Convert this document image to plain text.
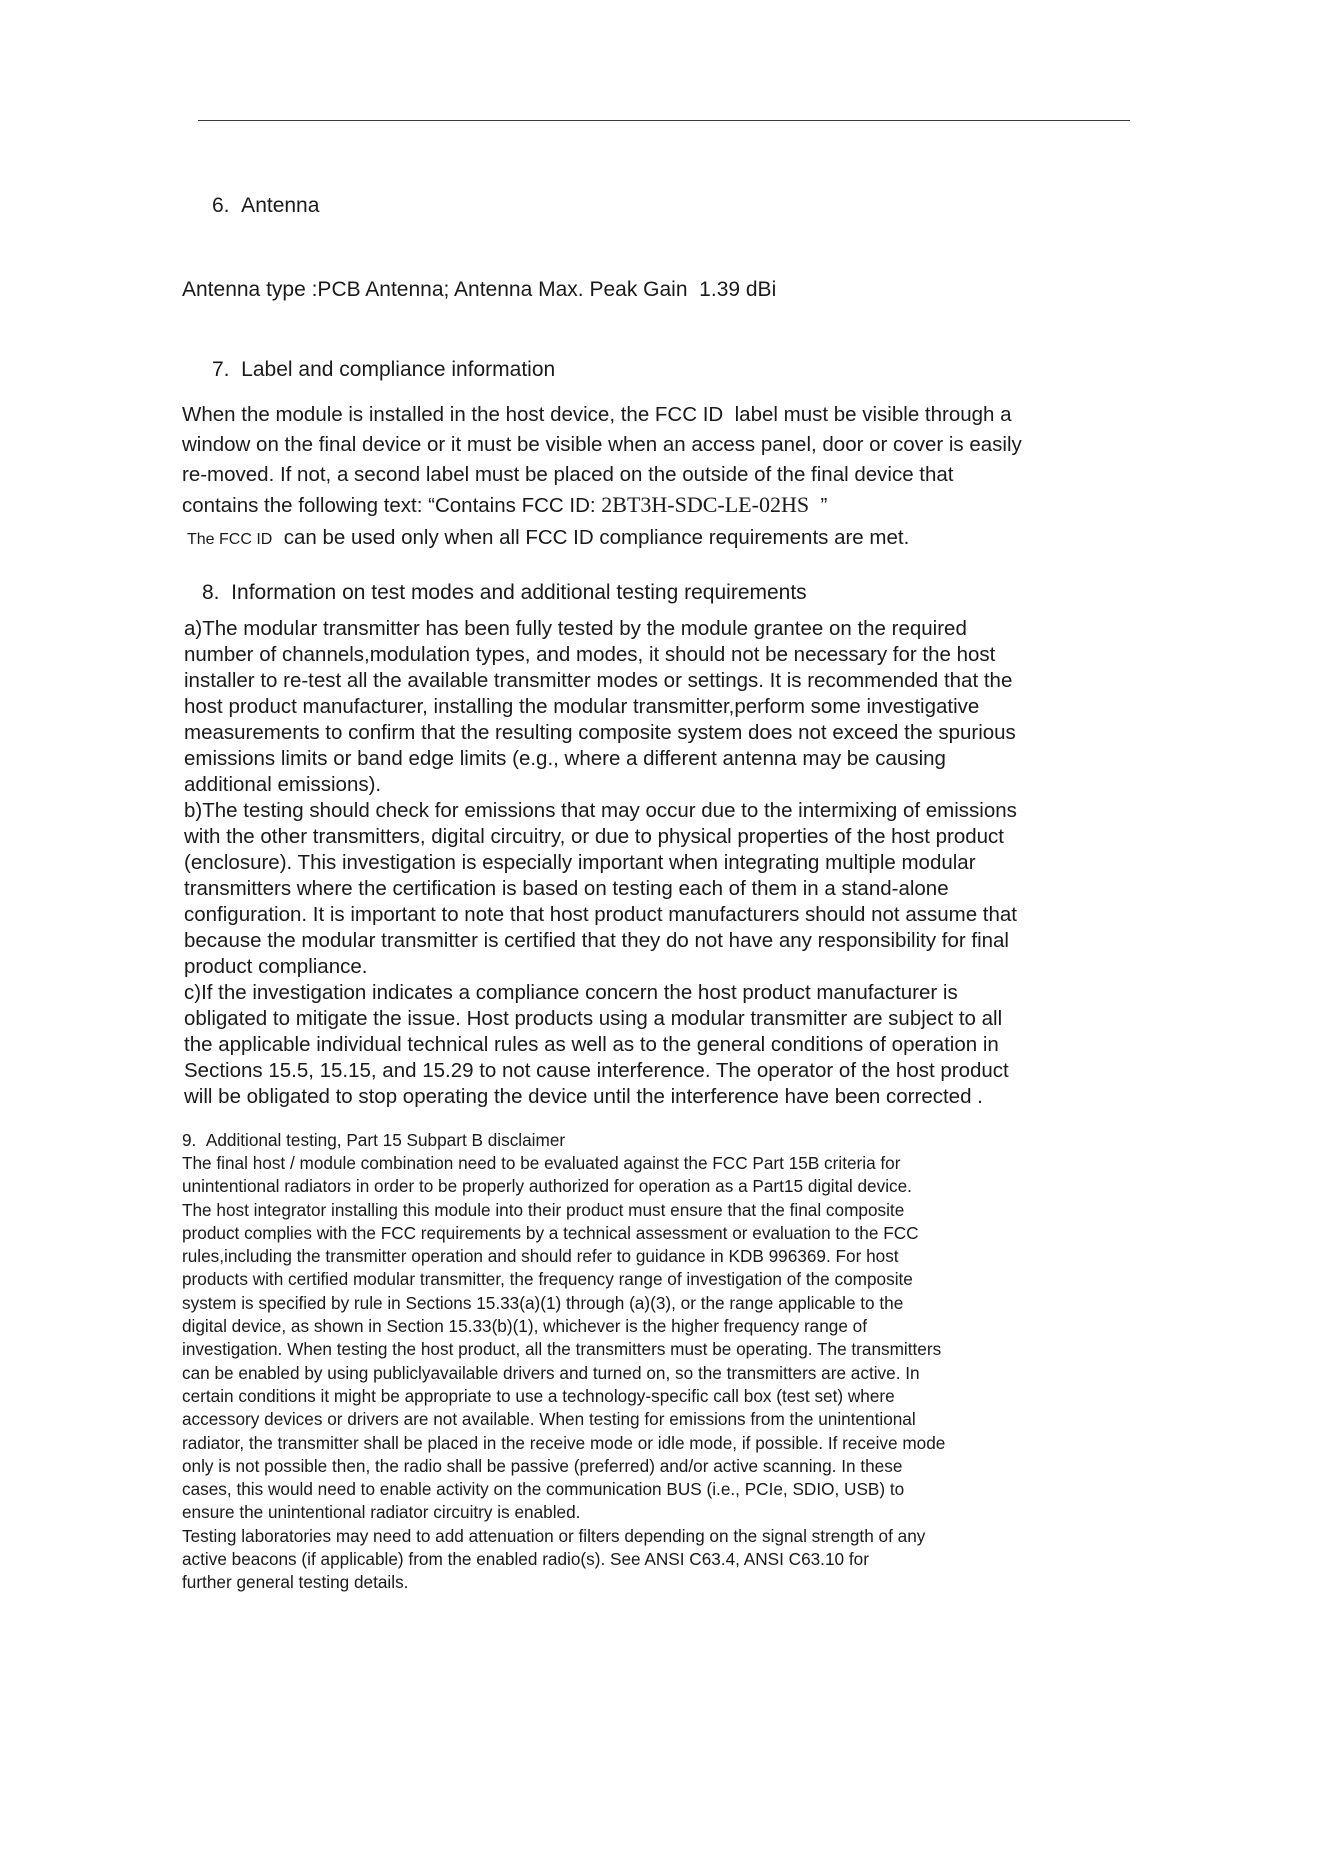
6.  Antenna
Antenna type :PCB Antenna; Antenna Max. Peak Gain  1.39 dBi
7.  Label and compliance information
When the module is installed in the host device, the FCC ID  label must be visible through a
window on the final device or it must be visible when an access panel, door or cover is easily
re-moved. If not, a second label must be placed on the outside of the final device that
contains the following text: “Contains FCC ID: 2BT3H-SDC-LE-02HS  ”
The FCC ID  can be used only when all FCC ID compliance requirements are met.
8.  Information on test modes and additional testing requirements
a)The modular transmitter has been fully tested by the module grantee on the required
number of channels,modulation types, and modes, it should not be necessary for the host
installer to re-test all the available transmitter modes or settings. It is recommended that the
host product manufacturer, installing the modular transmitter,perform some investigative
measurements to confirm that the resulting composite system does not exceed the spurious
emissions limits or band edge limits (e.g., where a different antenna may be causing
additional emissions).
b)The testing should check for emissions that may occur due to the intermixing of emissions
with the other transmitters, digital circuitry, or due to physical properties of the host product
(enclosure). This investigation is especially important when integrating multiple modular
transmitters where the certification is based on testing each of them in a stand-alone
configuration. It is important to note that host product manufacturers should not assume that
because the modular transmitter is certified that they do not have any responsibility for final
product compliance.
c)If the investigation indicates a compliance concern the host product manufacturer is
obligated to mitigate the issue. Host products using a modular transmitter are subject to all
the applicable individual technical rules as well as to the general conditions of operation in
Sections 15.5, 15.15, and 15.29 to not cause interference. The operator of the host product
will be obligated to stop operating the device until the interference have been corrected .
9.  Additional testing, Part 15 Subpart B disclaimer
The final host / module combination need to be evaluated against the FCC Part 15B criteria for
unintentional radiators in order to be properly authorized for operation as a Part15 digital device.
The host integrator installing this module into their product must ensure that the final composite
product complies with the FCC requirements by a technical assessment or evaluation to the FCC
rules,including the transmitter operation and should refer to guidance in KDB 996369. For host
products with certified modular transmitter, the frequency range of investigation of the composite
system is specified by rule in Sections 15.33(a)(1) through (a)(3), or the range applicable to the
digital device, as shown in Section 15.33(b)(1), whichever is the higher frequency range of
investigation. When testing the host product, all the transmitters must be operating. The transmitters
can be enabled by using publiclyavailable drivers and turned on, so the transmitters are active. In
certain conditions it might be appropriate to use a technology-specific call box (test set) where
accessory devices or drivers are not available. When testing for emissions from the unintentional
radiator, the transmitter shall be placed in the receive mode or idle mode, if possible. If receive mode
only is not possible then, the radio shall be passive (preferred) and/or active scanning. In these
cases, this would need to enable activity on the communication BUS (i.e., PCIe, SDIO, USB) to
ensure the unintentional radiator circuitry is enabled.
Testing laboratories may need to add attenuation or filters depending on the signal strength of any
active beacons (if applicable) from the enabled radio(s). See ANSI C63.4, ANSI C63.10 for
further general testing details.
